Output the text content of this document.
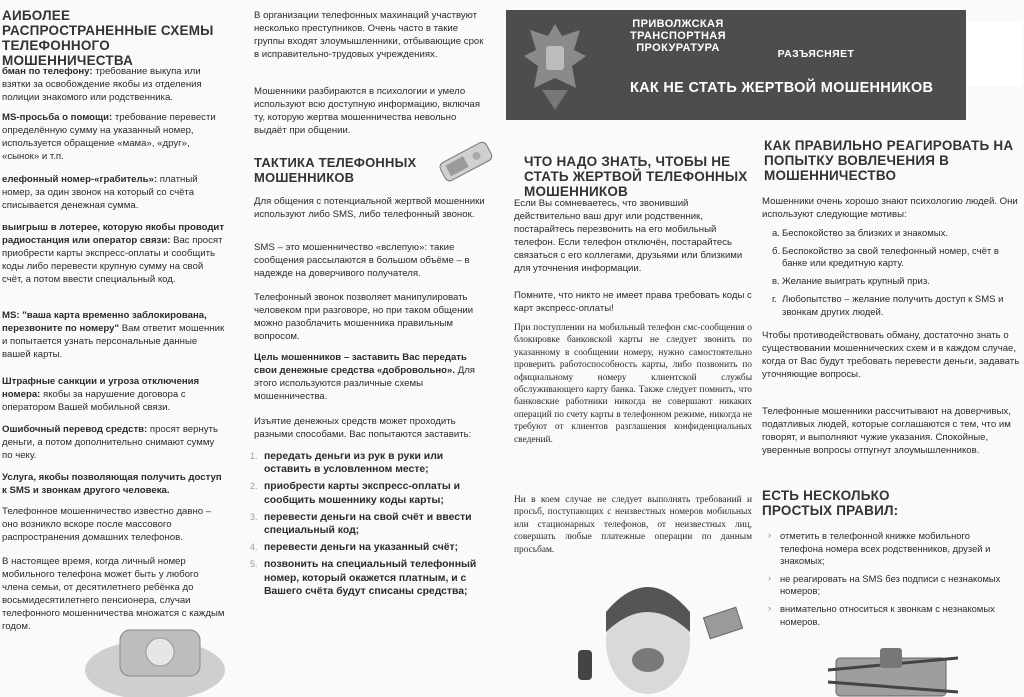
АИБОЛЕЕ РАСПРОСТРАНЕННЫЕ СХЕМЫ ТЕЛЕФОННОГО МОШЕННИЧЕСТВА
бман по телефону: требование выкупа или взятки за освобождение якобы из отделения полиции знакомого или родственника.
MS-просьба о помощи: требование перевести определённую сумму на указанный номер, используется обращение «мама», «друг», «сынок» и т.п.
елефонный номер-«грабитель»: платный номер, за один звонок на который со счёта списывается денежная сумма.
выигрыш в лотерее, которую якобы проводит радиостанция или оператор связи: Вас просят приобрести карты экспресс-оплаты и сообщить коды либо перевести крупную сумму на свой счёт, а потом ввести специальный код.
MS: "ваша карта временно заблокирована, перезвоните по номеру" Вам ответит мошенник и попытается узнать персональные данные вашей карты.
Штрафные санкции и угроза отключения номера: якобы за нарушение договора с оператором Вашей мобильной связи.
Ошибочный перевод средств: просят вернуть деньги, а потом дополнительно снимают сумму по чеку.
Услуга, якобы позволяющая получить доступ к SMS и звонкам другого человека.
Телефонное мошенничество известно давно – оно возникло вскоре после массового распространения домашних телефонов.
В настоящее время, когда личный номер мобильного телефона может быть у любого члена семьи, от десятилетнего ребёнка до восьмидесятилетнего пенсионера, случаи телефонного мошенничества множатся с каждым годом.

В организации телефонных махинаций участвуют несколько преступников. Очень часто в такие группы входят злоумышленники, отбывающие срок в исправительно-трудовых учреждениях.

Мошенники разбираются в психологии и умело используют всю доступную информацию, включая ту, которую жертва мошенничества невольно выдаёт при общении.

ТАКТИКА ТЕЛЕФОННЫХ МОШЕННИКОВ

Для общения с потенциальной жертвой мошенники используют либо SMS, либо телефонный звонок.

SMS – это мошенничество «вслепую»: такие сообщения рассылаются в большом объёме – в надежде на доверчивого получателя.

Телефонный звонок позволяет манипулировать человеком при разговоре, но при таком общении можно разоблачить мошенника правильным вопросом.

Цель мошенников – заставить Вас передать свои денежные средства «добровольно». Для этого используются различные схемы мошенничества.

Изъятие денежных средств может проходить разными способами. Вас попытаются заставить:

1. передать деньги из рук в руки или оставить в условленном месте;
2. приобрести карты экспресс-оплаты и сообщить мошеннику коды карты;
3. перевести деньги на свой счёт и ввести специальный код;
4. перевести деньги на указанный счёт;
5. позвонить на специальный телефонный номер, который окажется платным, и с Вашего счёта будут списаны средства;
ПРИВОЛЖСКАЯ ТРАНСПОРТНАЯ ПРОКУРАТУРА	РАЗЪЯСНЯЕТ
ЧТО НАДО ЗНАТЬ, ЧТОБЫ НЕ СТАТЬ ЖЕРТВОЙ ТЕЛЕФОННЫХ МОШЕННИКОВ

Если Вы сомневаетесь, что звонивший действительно ваш друг или родственник, постарайтесь перезвонить на его мобильный телефон. Если телефон отключён, постарайтесь связаться с его коллегами, друзьями или близкими для уточнения информации.

Помните, что никто не имеет права требовать коды с карт экспресс-оплаты!

При поступлении на мобильный телефон смс-сообщения о блокировке банковской карты не следует звонить по указанному в сообщении номеру, нужно самостоятельно проверить работоспособность карты, либо позвонить по официальному номеру клиентской службы обслуживающего карту банка. Также следует помнить, что банковские работники никогда не совершают никаких операций по счету карты в телефонном режиме, никогда не требуют от клиентов разглашения конфиденциальных сведений.

Ни в коем случае не следует выполнять требований и просьб, поступающих с неизвестных номеров мобильных или стационарных телефонов, от неизвестных лиц, совершать любые платежные операции по данным просьбам.

КАК НЕ СТАТЬ ЖЕРТВОЙ МОШЕННИКОВ
КАК ПРАВИЛЬНО РЕАГИРОВАТЬ НА ПОПЫТКУ ВОВЛЕЧЕНИЯ В МОШЕННИЧЕСТВО

Мошенники очень хорошо знают психологию людей. Они используют следующие мотивы:

а. Беспокойство за близких и знакомых.
б. Беспокойство за свой телефонный номер, счёт в банке или кредитную карту.
в. Желание выиграть крупный приз.
г. Любопытство – желание получить доступ к SMS и звонкам других людей.

Чтобы противодействовать обману, достаточно знать о существовании мошеннических схем и в каждом случае, когда от Вас будут требовать перевести деньги, задавать уточняющие вопросы.

Телефонные мошенники рассчитывают на доверчивых, податливых людей, которые соглашаются с тем, что им говорят, и выполняют чужие указания. Спокойные, уверенные вопросы отпугнут злоумышленников.

ЕСТЬ НЕСКОЛЬКО ПРОСТЫХ ПРАВИЛ:
› отметить в телефонной книжке мобильного телефона номера всех родственников, друзей и знакомых;
› не реагировать на SMS без подписи с незнакомых номеров;
› внимательно относиться к звонкам с незнакомых номеров.
